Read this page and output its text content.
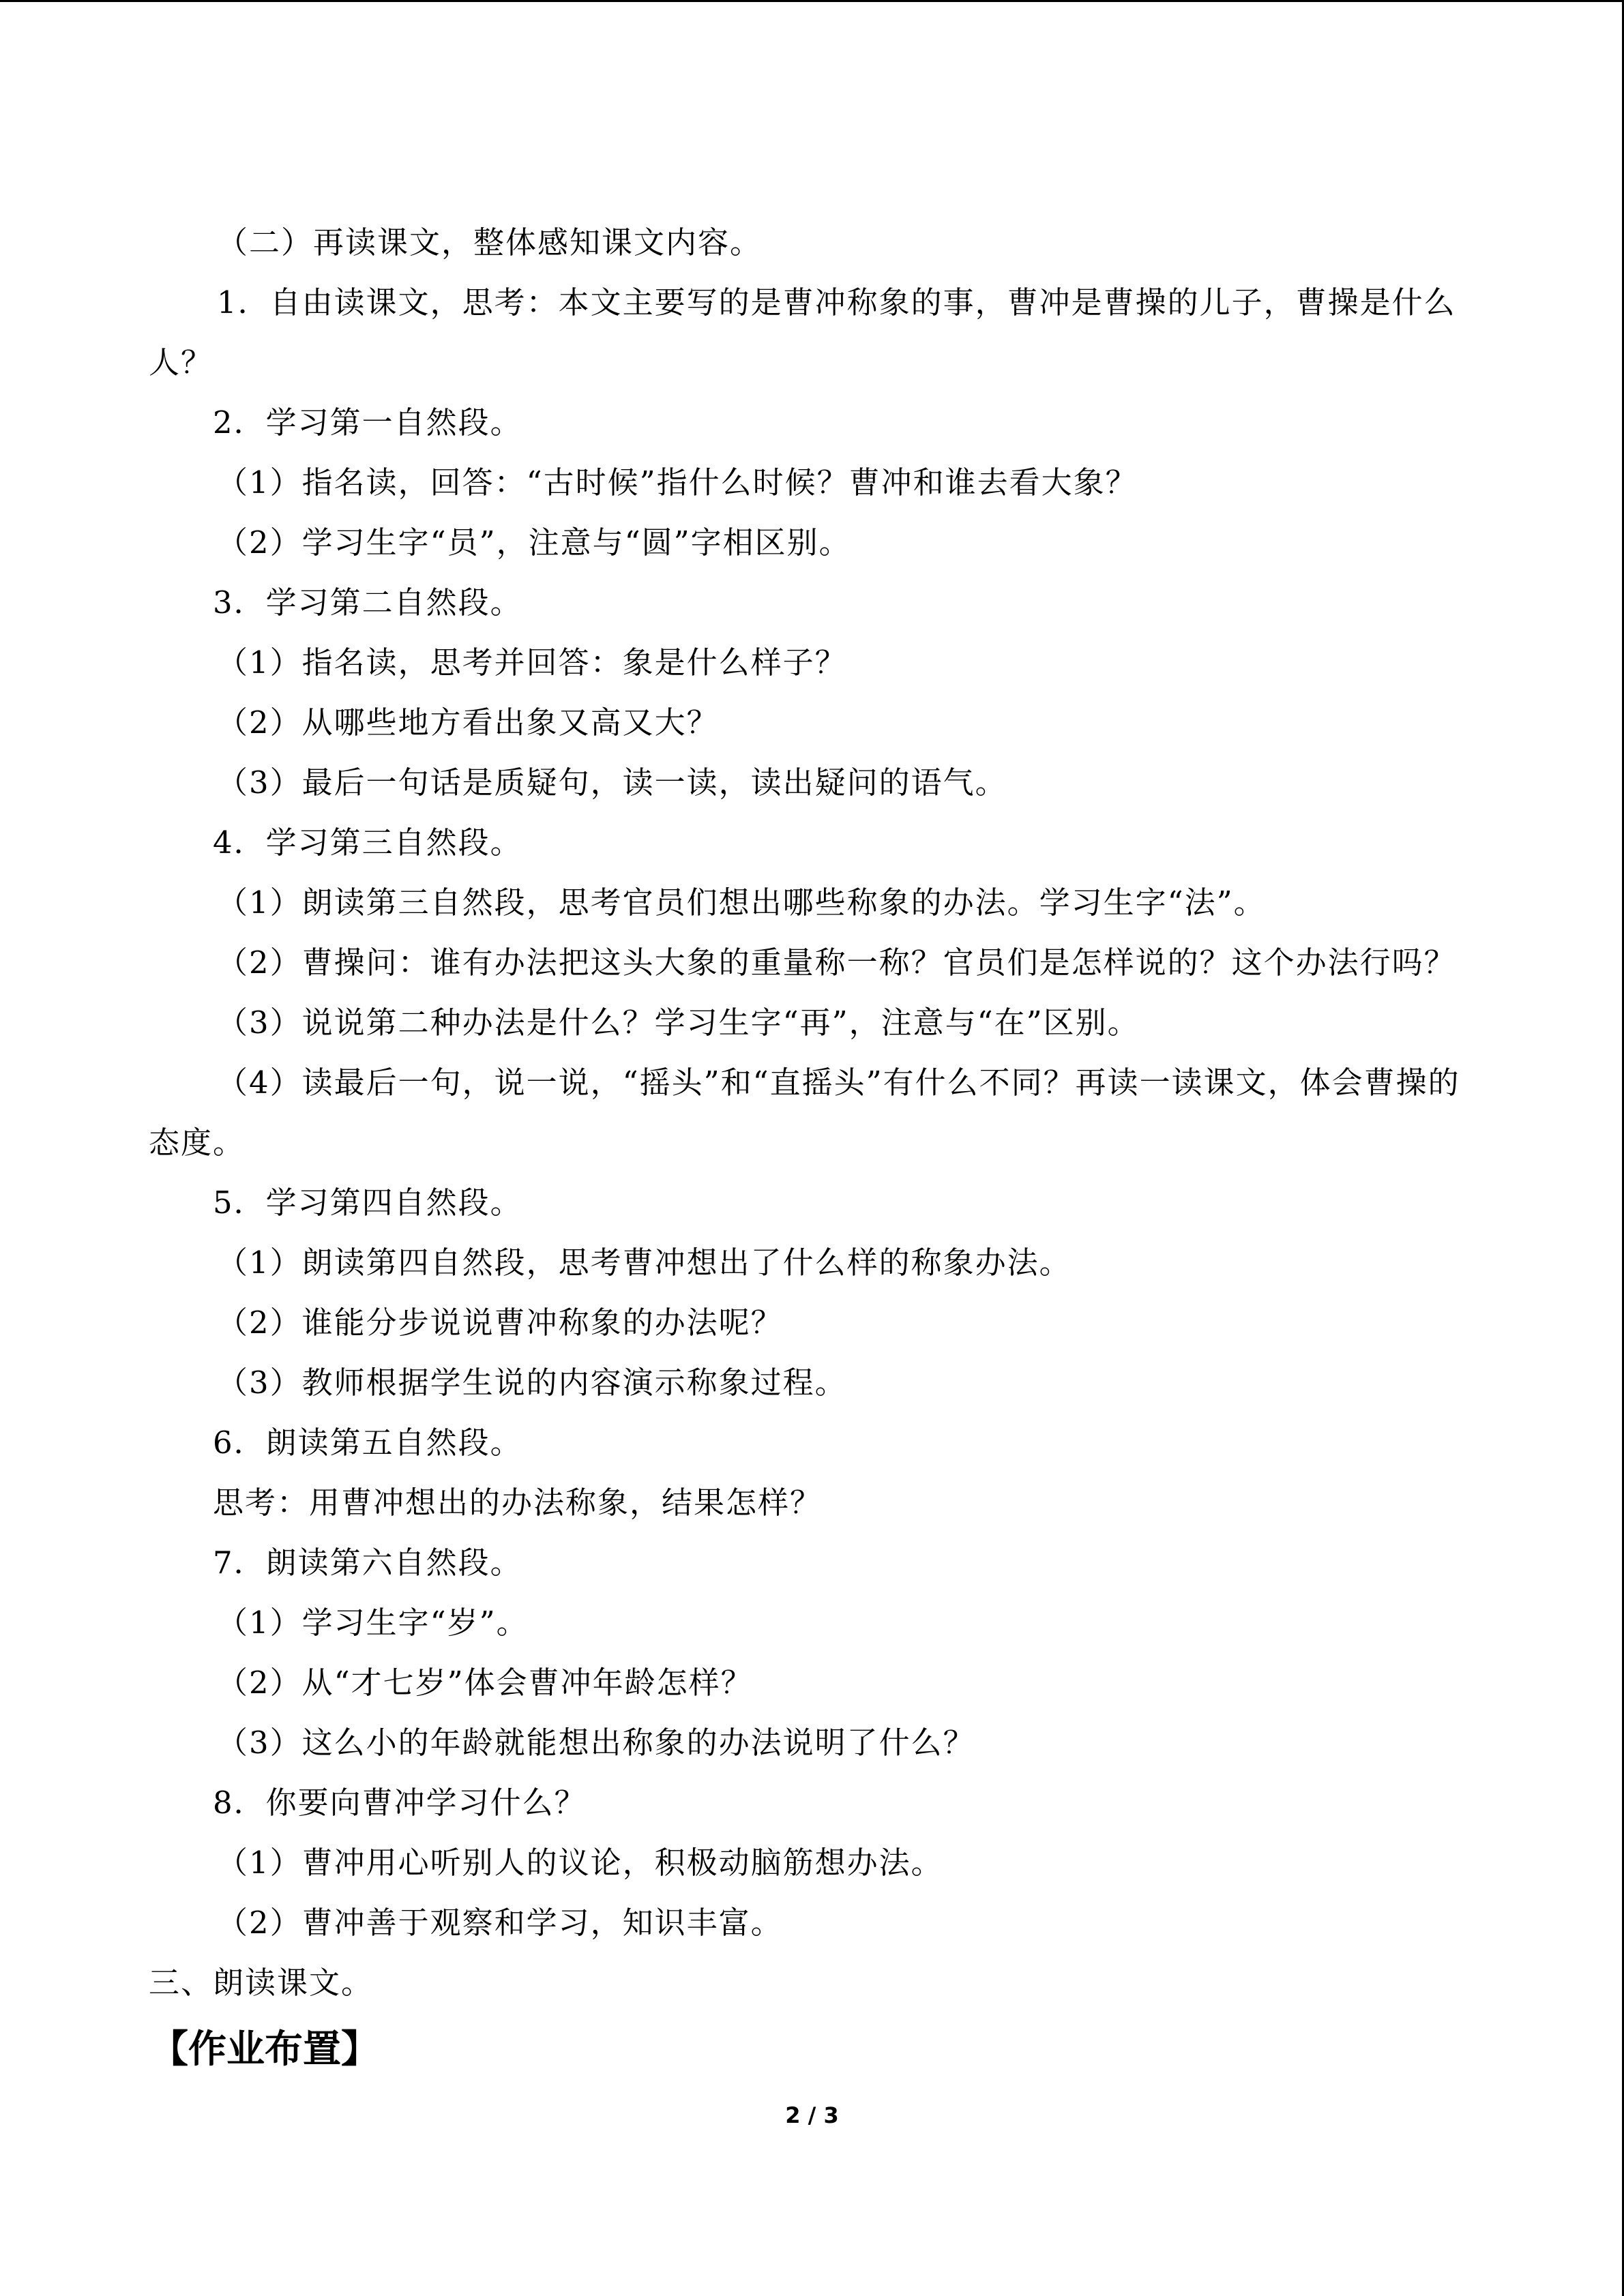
（二）再读课文，整体感知课文内容。
1．自由读课文，思考：本文主要写的是曹冲称象的事，曹冲是曹操的儿子，曹操是什么人？
2．学习第一自然段。
（1）指名读，回答：“古时候”指什么时候？曹冲和谁去看大象？
（2）学习生字“员”，注意与“圆”字相区别。
3．学习第二自然段。
（1）指名读，思考并回答：象是什么样子？
（2）从哪些地方看出象又高又大？
（3）最后一句话是质疑句，读一读，读出疑问的语气。
4．学习第三自然段。
（1）朗读第三自然段，思考官员们想出哪些称象的办法。学习生字“法”。
（2）曹操问：谁有办法把这头大象的重量称一称？官员们是怎样说的？这个办法行吗？
（3）说说第二种办法是什么？学习生字“再”，注意与“在”区别。
（4）读最后一句，说一说，“摇头”和“直摇头”有什么不同？再读一读课文，体会曹操的态度。
5．学习第四自然段。
（1）朗读第四自然段，思考曹冲想出了什么样的称象办法。
（2）谁能分步说说曹冲称象的办法呢？
（3）教师根据学生说的内容演示称象过程。
6．朗读第五自然段。
思考：用曹冲想出的办法称象，结果怎样？
7．朗读第六自然段。
（1）学习生字“岁”。
（2）从“才七岁”体会曹冲年龄怎样？
（3）这么小的年龄就能想出称象的办法说明了什么？
8．你要向曹冲学习什么？
（1）曹冲用心听别人的议论，积极动脑筋想办法。
（2）曹冲善于观察和学习，知识丰富。
三、朗读课文。
【作业布置】
2 / 3
